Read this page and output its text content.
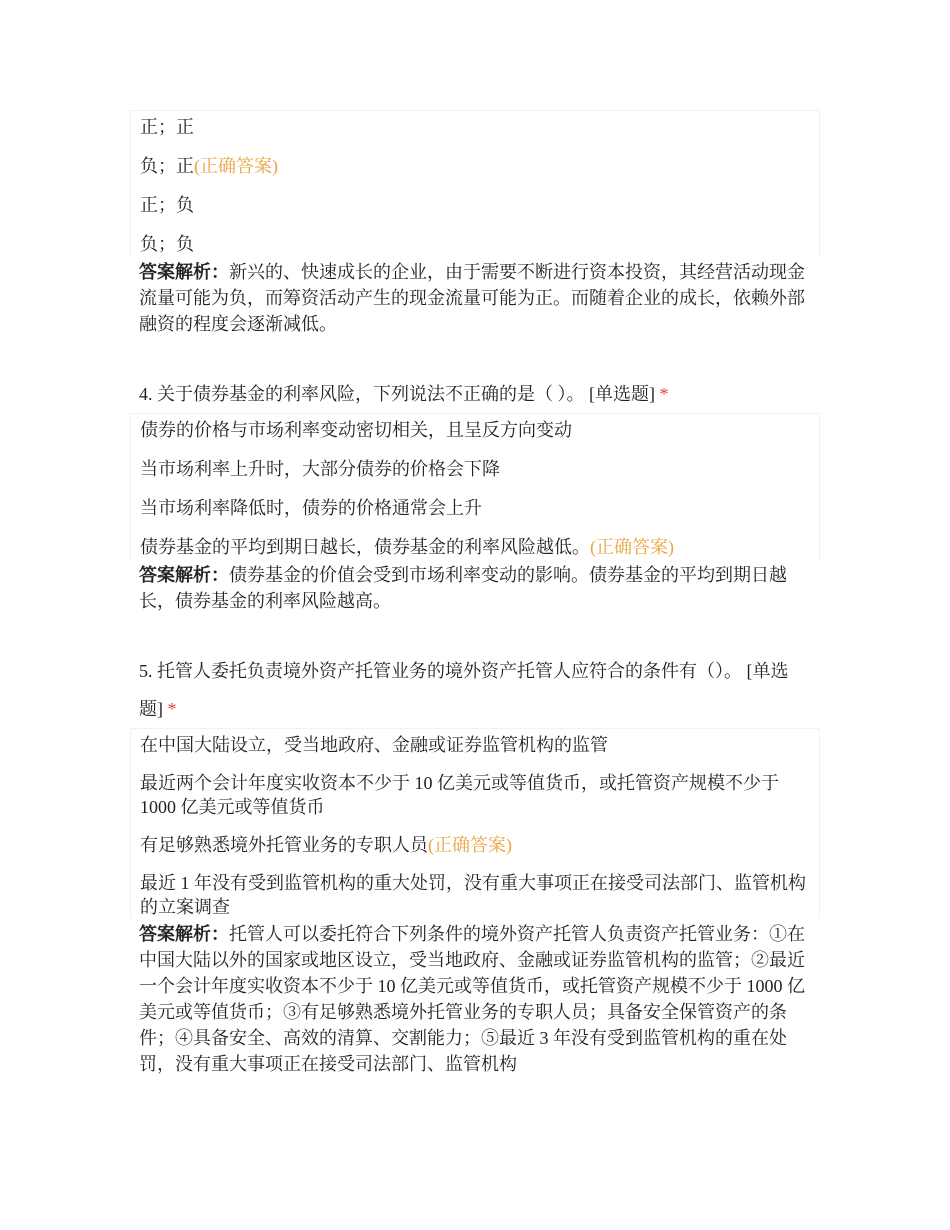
正；正

负；正(正确答案)

正；负

负；负

答案解析：新兴的、快速成长的企业，由于需要不断进行资本投资，其经营活动现金流量可能为负，而筹资活动产生的现金流量可能为正。而随着企业的成长，依赖外部融资的程度会逐渐减低。

4. 关于债券基金的利率风险，下列说法不正确的是（ ）。 [单选题] *

债券的价格与市场利率变动密切相关，且呈反方向变动

当市场利率上升时，大部分债券的价格会下降

当市场利率降低时，债券的价格通常会上升

债券基金的平均到期日越长，债券基金的利率风险越低。(正确答案)

答案解析：债券基金的价值会受到市场利率变动的影响。债券基金的平均到期日越长，债券基金的利率风险越高。

5. 托管人委托负责境外资产托管业务的境外资产托管人应符合的条件有（）。 [单选题] *

在中国大陆设立，受当地政府、金融或证券监管机构的监管

最近两个会计年度实收资本不少于 10 亿美元或等值货币，或托管资产规模不少于 1000 亿美元或等值货币

有足够熟悉境外托管业务的专职人员(正确答案)

最近 1 年没有受到监管机构的重大处罚，没有重大事项正在接受司法部门、监管机构的立案调查

答案解析：托管人可以委托符合下列条件的境外资产托管人负责资产托管业务：①在中国大陆以外的国家或地区设立，受当地政府、金融或证券监管机构的监管；②最近一个会计年度实收资本不少于 10 亿美元或等值货币，或托管资产规模不少于 1000 亿美元或等值货币；③有足够熟悉境外托管业务的专职人员；具备安全保管资产的条件；④具备安全、高效的清算、交割能力；⑤最近 3 年没有受到监管机构的重在处罚，没有重大事项正在接受司法部门、监管机构
